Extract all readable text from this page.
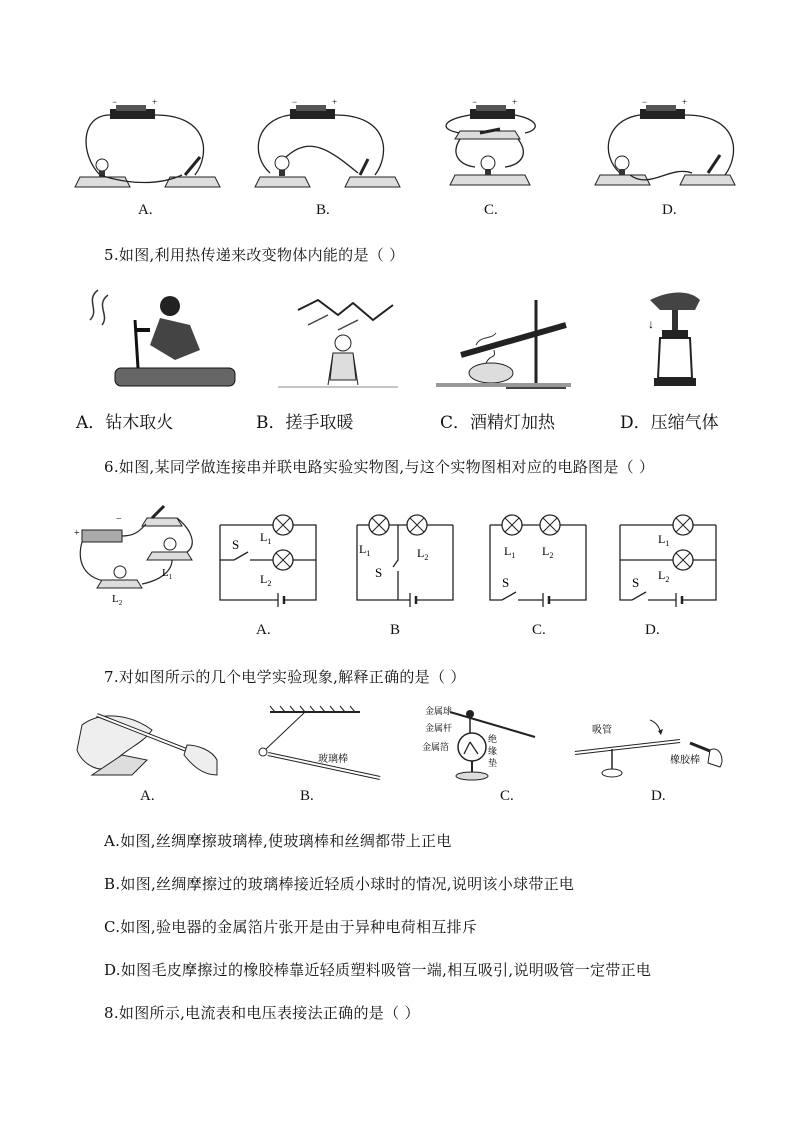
−	+	−	+	−	+	−	+
A.	B.	C.	D.
5.如图,利用热传递来改变物体内能的是（ ）
↓
A．钻木取火	B．搓手取暖	C．酒精灯加热	D．压缩气体
6.如图,某同学做连接串并联电路实验实物图,与这个实物图相对应的电路图是（ ）
+
−
$L_1$
$L_2$
S $L_1$
$L_2$
$L_1$	$L_2$
S
$L_1$ $L_2$
S
$L_1$
$L_2$
S
A.	B	C.	D.
7.对如图所示的几个电学实验现象,解释正确的是（ ）
玻璃棒
金属球
金属杆
金属箔
绝
缘
垫
吸管
橡胶棒
A.	B.	C.	D.
A.如图,丝绸摩擦玻璃棒,使玻璃棒和丝绸都带上正电
B.如图,丝绸摩擦过的玻璃棒接近轻质小球时的情况,说明该小球带正电
C.如图,验电器的金属箔片张开是由于异种电荷相互排斥
D.如图毛皮摩擦过的橡胶棒靠近轻质塑料吸管一端,相互吸引,说明吸管一定带正电
8.如图所示,电流表和电压表接法正确的是（ ）
